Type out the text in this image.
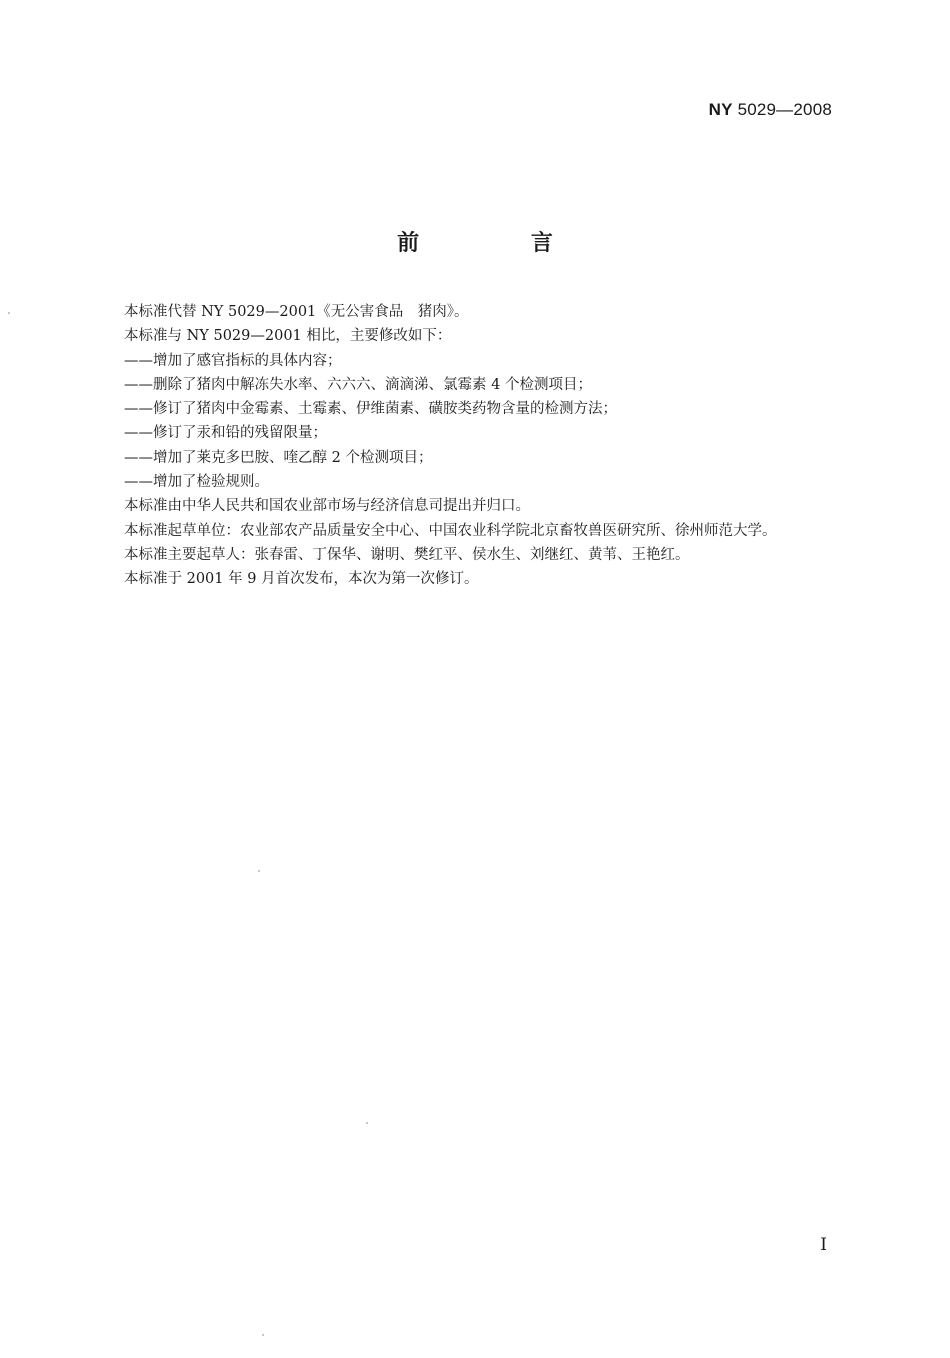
NY 5029—2008
前 言

本标准代替 NY 5029—2001《无公害食品　猪肉》。

本标准与 NY 5029—2001 相比，主要修改如下：

——增加了感官指标的具体内容；

——删除了猪肉中解冻失水率、六六六、滴滴涕、氯霉素 4 个检测项目；

——修订了猪肉中金霉素、土霉素、伊维菌素、磺胺类药物含量的检测方法；

——修订了汞和铅的残留限量；

——增加了莱克多巴胺、喹乙醇 2 个检测项目；

——增加了检验规则。

本标准由中华人民共和国农业部市场与经济信息司提出并归口。

本标准起草单位：农业部农产品质量安全中心、中国农业科学院北京畜牧兽医研究所、徐州师范大学。

本标准主要起草人：张春雷、丁保华、谢明、樊红平、侯水生、刘继红、黄苇、王艳红。

本标准于 2001 年 9 月首次发布，本次为第一次修订。

I
